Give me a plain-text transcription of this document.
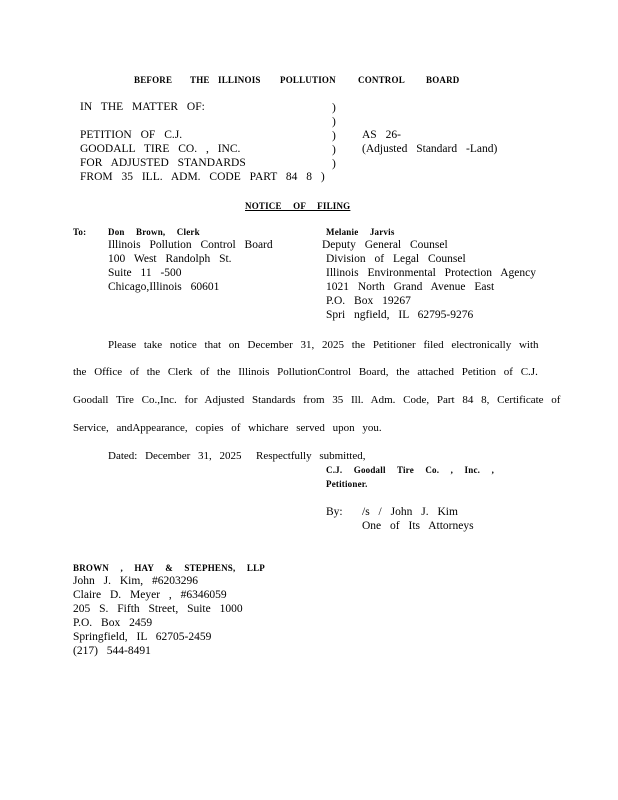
BEFORE THE ILLINOIS POLLUTION CONTROL BOARD
IN THE MATTER OF:
PETITION OF C.J.
GOODALL TIRE CO. , INC.
FOR ADJUSTED STANDARDS
FROM 35 ILL. ADM. CODE PART 84 8 )
)
)
)
)
)
AS 26-
(Adjusted Standard -Land)
NOTICE OF FILING
To: Don Brown, Clerk
Illinois Pollution Control Board
100 West Randolph St.
Suite 11 -500
Chicago,Illinois 60601
Melanie Jarvis
Deputy General Counsel
Division of Legal Counsel
Illinois Environmental Protection Agency
1021 North Grand Avenue East
P.O. Box 19267
Spri ngfield, IL 62795-9276
Please take notice that on December 31, 2025 the Petitioner filed electronically with
the Office of the Clerk of the Illinois PollutionControl Board, the attached Petition of C.J.
Goodall Tire Co.,Inc. for Adjusted Standards from 35 Ill. Adm. Code, Part 84 8, Certificate of
Service, andAppearance, copies of whichare served upon you.
Dated: December 31, 2025 Respectfully submitted,
C.J. Goodall Tire Co. , Inc. ,
Petitioner.
By: /s / John J. Kim
One of Its Attorneys
BROWN , HAY & STEPHENS, LLP
John J. Kim, #6203296
Claire D. Meyer , #6346059
205 S. Fifth Street, Suite 1000
P.O. Box 2459
Springfield, IL 62705-2459
(217) 544-8491
